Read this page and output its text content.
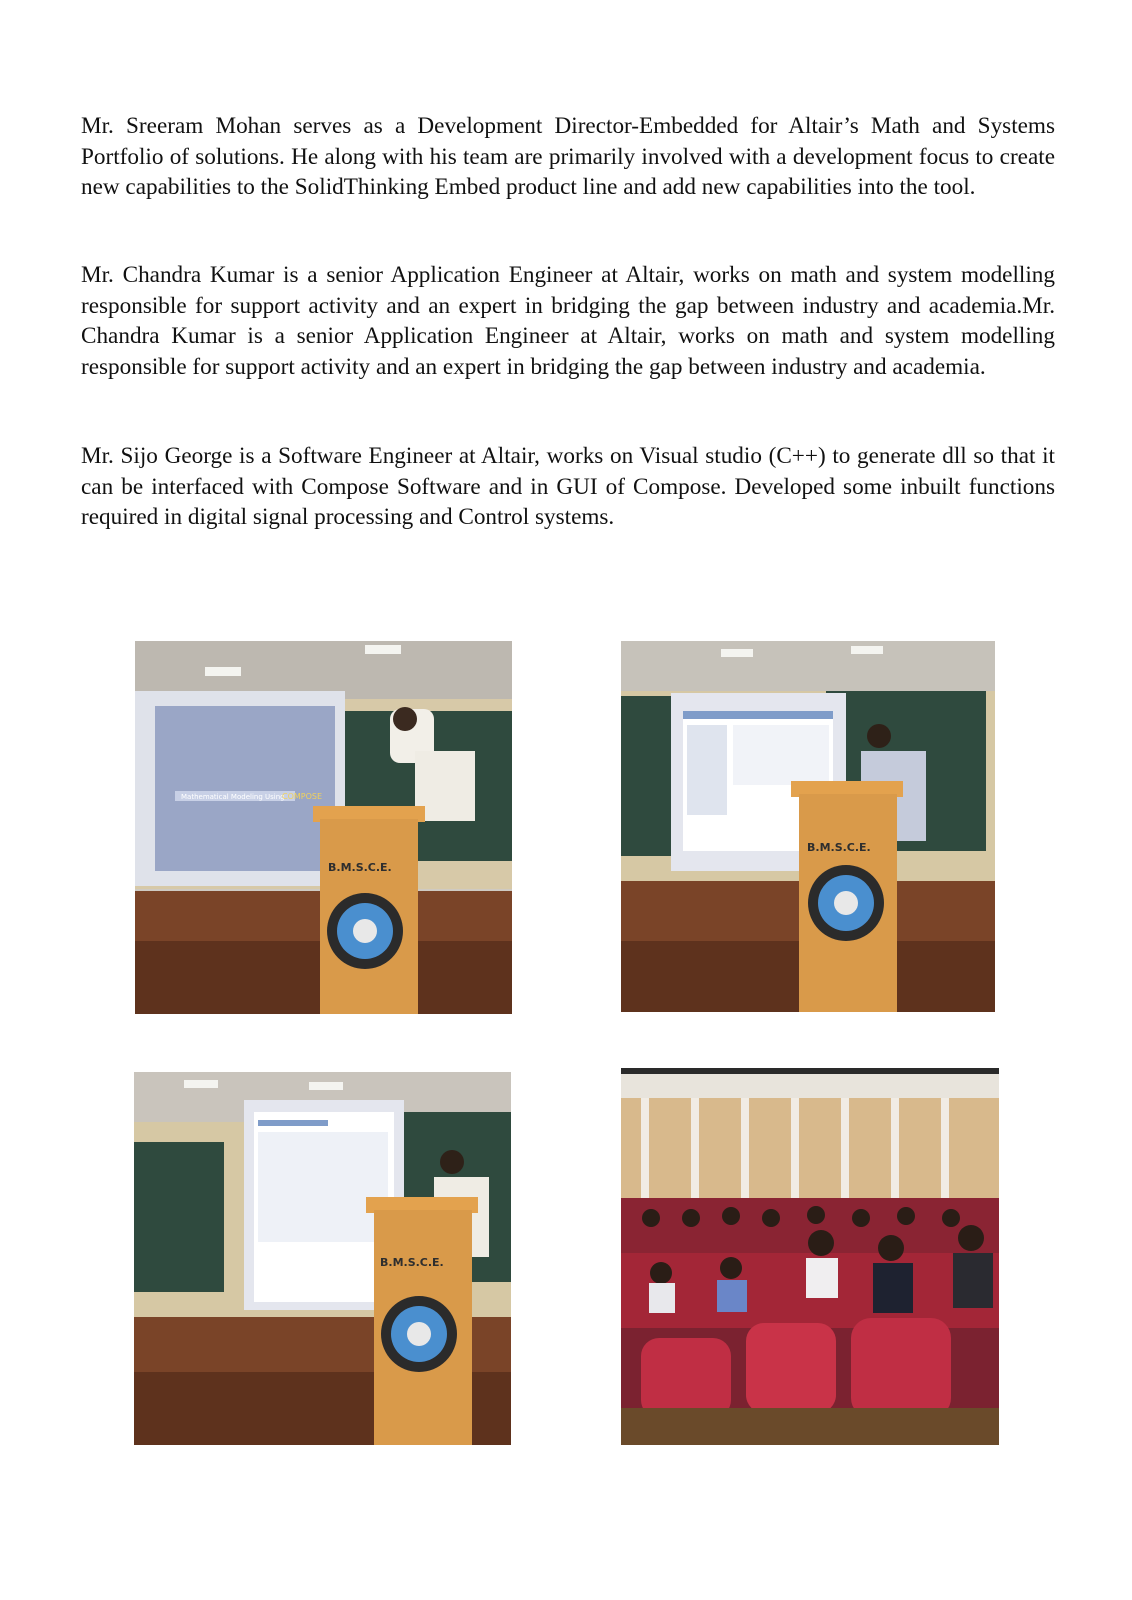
Mr. Sreeram Mohan serves as a Development Director-Embedded for Altair’s Math and Systems Portfolio of solutions. He along with his team are primarily involved with a development focus to create new capabilities to the SolidThinking Embed product line and add new capabilities into the tool.

Mr. Chandra Kumar is a senior Application Engineer at Altair, works on math and system modelling responsible for support activity and an expert in bridging the gap between industry and academia.Mr. Chandra Kumar is a senior Application Engineer at Altair, works on math and system modelling responsible for support activity and an expert in bridging the gap between industry and academia.

Mr. Sijo George is a Software Engineer at Altair, works on Visual studio (C++) to generate dll so that it can be interfaced with Compose Software and in GUI of Compose. Developed some inbuilt functions required in digital signal processing and Control systems.

Mathematical Modeling Using
COMPOSE
B.M.S.C.E.
B.M.S.C.E.
B.M.S.C.E.
